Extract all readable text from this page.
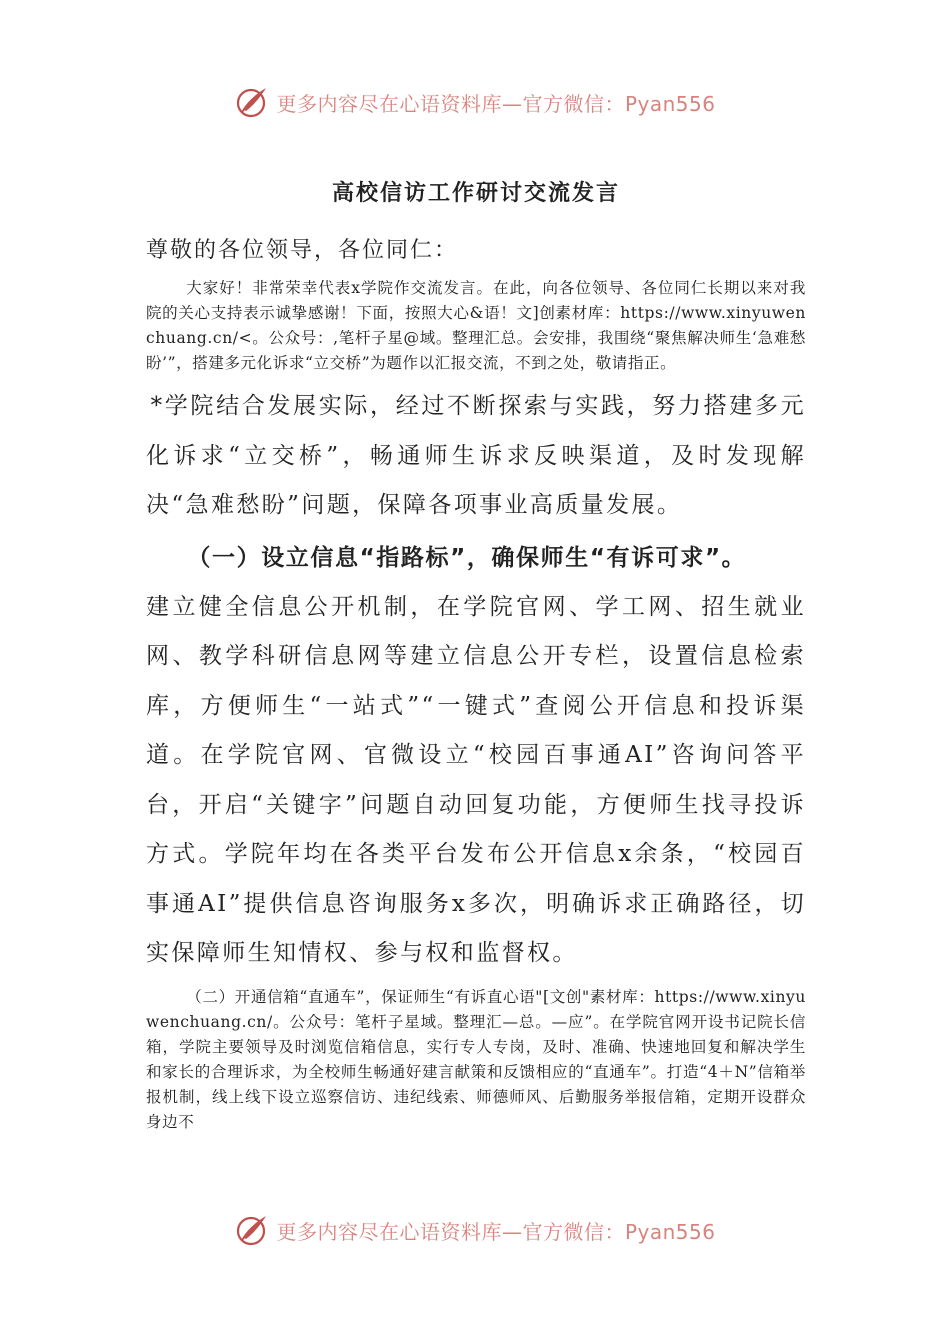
更多内容尽在心语资料库—官方微信：Pyan556
高校信访工作研讨交流发言

尊敬的各位领导，各位同仁：

大家好！非常荣幸代表x学院作交流发言。在此，向各位领导、各位同仁长期以来对我院的关心支持表示诚挚感谢！下面，按照大心&语！文]创素材库：https://www.xinyuwenchuang.cn/<。公众号：,笔杆子星@域。整理汇总。会安排，我围绕“聚焦解决师生‘急难愁盼’”，搭建多元化诉求“立交桥”为题作以汇报交流，不到之处，敬请指正。

*学院结合发展实际，经过不断探索与实践，努力搭建多元化诉求“立交桥”，畅通师生诉求反映渠道，及时发现解决“急难愁盼”问题，保障各项事业高质量发展。

（一）设立信息“指路标”，确保师生“有诉可求”。

建立健全信息公开机制，在学院官网、学工网、招生就业网、教学科研信息网等建立信息公开专栏，设置信息检索库，方便师生“一站式”“一键式”查阅公开信息和投诉渠道。在学院官网、官微设立“校园百事通AI”咨询问答平台，开启“关键字”问题自动回复功能，方便师生找寻投诉方式。学院年均在各类平台发布公开信息x余条，“校园百事通AI”提供信息咨询服务x多次，明确诉求正确路径，切实保障师生知情权、参与权和监督权。

（二）开通信箱“直通车”，保证师生“有诉直心语"[文创"素材库：https://www.xinyuwenchuang.cn/。公众号：笔杆子星域。整理汇—总。—应”。在学院官网开设书记院长信箱，学院主要领导及时浏览信箱信息，实行专人专岗，及时、准确、快速地回复和解决学生和家长的合理诉求，为全校师生畅通好建言献策和反馈相应的“直通车”。打造“4＋N”信箱举报机制，线上线下设立巡察信访、违纪线索、师德师风、后勤服务举报信箱，定期开设群众身边不

更多内容尽在心语资料库—官方微信：Pyan556
